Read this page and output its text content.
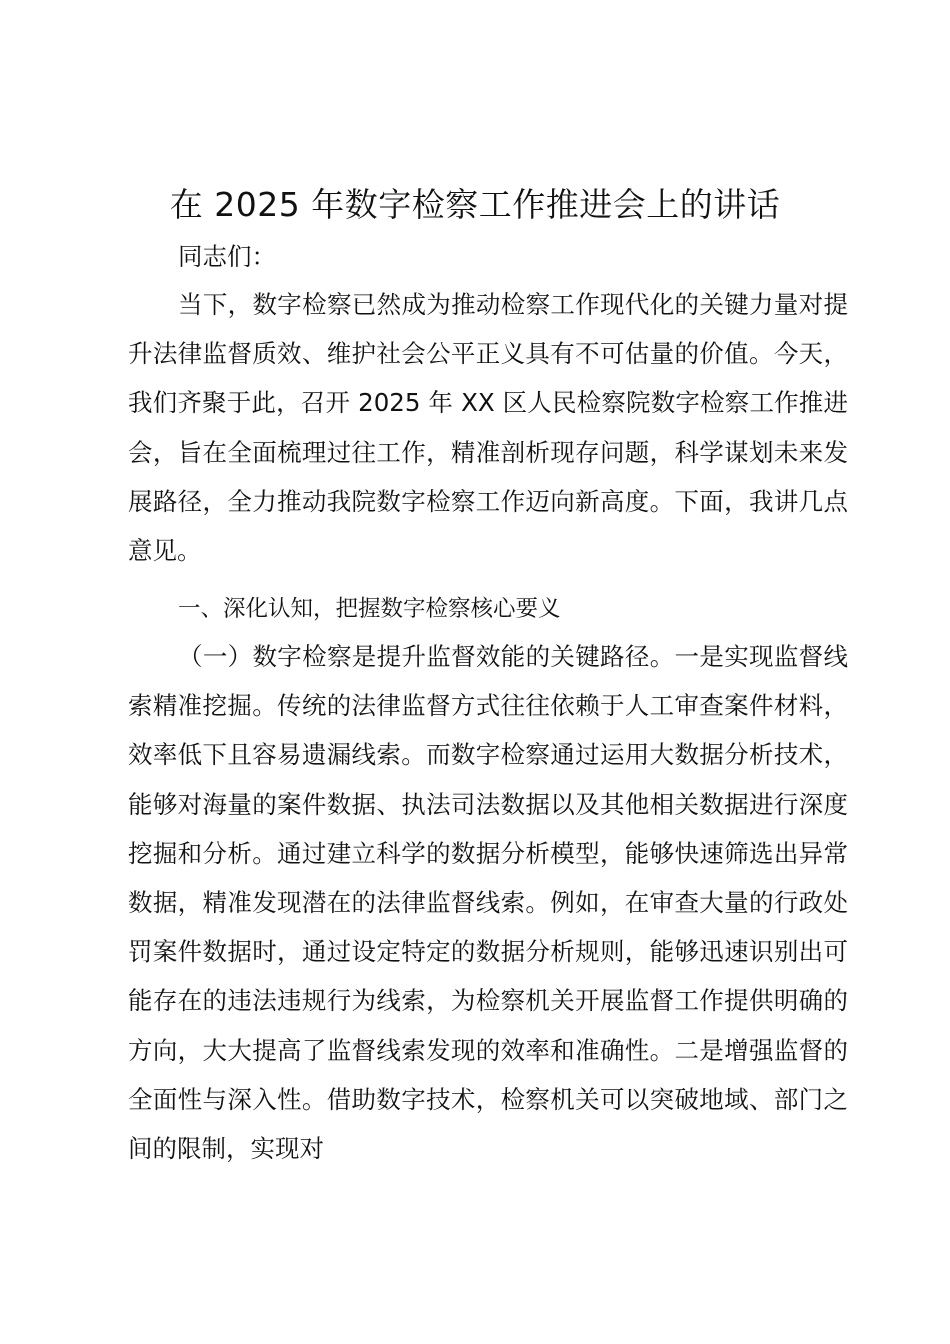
在 2025 年数字检察工作推进会上的讲话

同志们：

当下，数字检察已然成为推动检察工作现代化的关键力量对提升法律监督质效、维护社会公平正义具有不可估量的价值。今天，我们齐聚于此，召开 2025 年 XX 区人民检察院数字检察工作推进会，旨在全面梳理过往工作，精准剖析现存问题，科学谋划未来发展路径，全力推动我院数字检察工作迈向新高度。下面，我讲几点意见。

一、深化认知，把握数字检察核心要义

（一）数字检察是提升监督效能的关键路径。一是实现监督线索精准挖掘。传统的法律监督方式往往依赖于人工审查案件材料，效率低下且容易遗漏线索。而数字检察通过运用大数据分析技术，能够对海量的案件数据、执法司法数据以及其他相关数据进行深度挖掘和分析。通过建立科学的数据分析模型，能够快速筛选出异常数据，精准发现潜在的法律监督线索。例如，在审查大量的行政处罚案件数据时，通过设定特定的数据分析规则，能够迅速识别出可能存在的违法违规行为线索，为检察机关开展监督工作提供明确的方向，大大提高了监督线索发现的效率和准确性。二是增强监督的全面性与深入性。借助数字技术，检察机关可以突破地域、部门之间的限制，实现对
